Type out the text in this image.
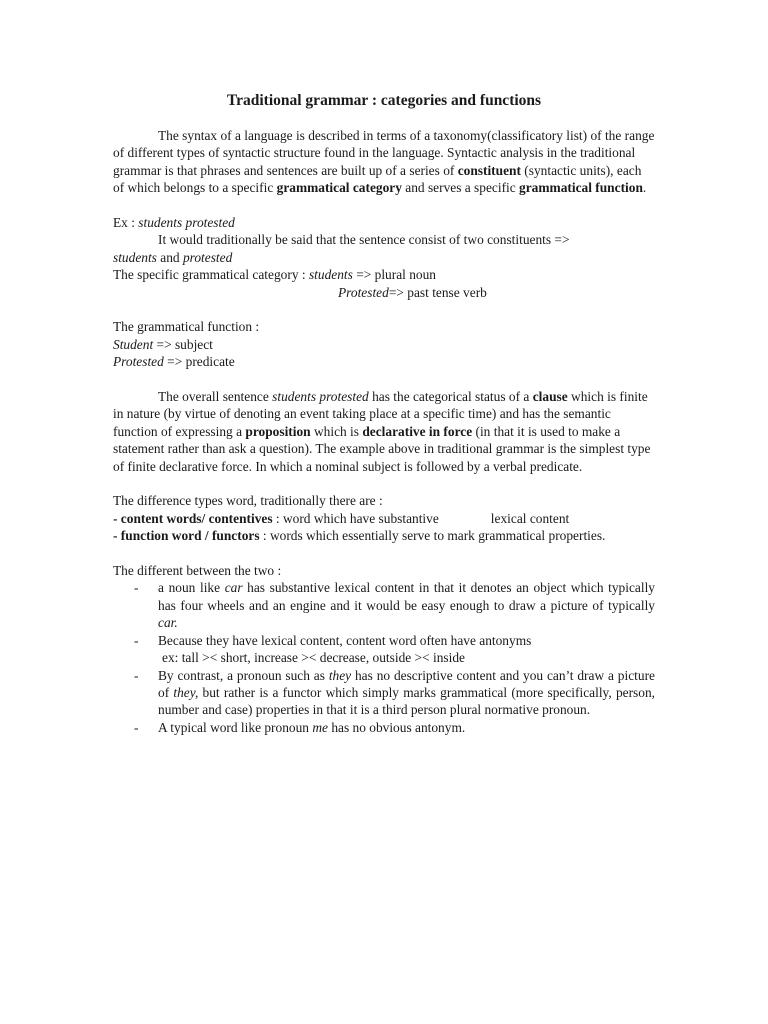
Traditional grammar : categories and functions

The syntax of a language is described in terms of a taxonomy(classificatory list) of the range of different types of syntactic structure found in the language. Syntactic analysis in the traditional grammar is that phrases and sentences are built up of a series of constituent (syntactic units), each of which belongs to a specific grammatical category and serves a specific grammatical function.

Ex : students protested

It would traditionally be said that the sentence consist of two constituents =>

students and protested

The specific grammatical category : students => plural noun

Protested=> past tense verb

The grammatical function :

Student => subject

Protested => predicate

The overall sentence students protested has the categorical status of a clause which is finite in nature (by virtue of denoting an event taking place at a specific time) and has the semantic function of expressing a proposition which is declarative in force (in that it is used to make a statement rather than ask a question). The example above in traditional grammar is the simplest type of finite declarative force. In which a nominal subject is followed by a verbal predicate.

The difference types word, traditionally there are :

- content words/ contentives : word which have substantive	lexical content

- function word / functors : words which essentially serve to mark grammatical properties.

The different between the two :

- a noun like car has substantive lexical content in that it denotes an object which typically has four wheels and an engine and it would be easy enough to draw a picture of typically car.
- Because they have lexical content, content word often have antonyms
ex: tall >< short, increase >< decrease, outside >< inside
- By contrast, a pronoun such as they has no descriptive content and you can’t draw a picture of they, but rather is a functor which simply marks grammatical (more specifically, person, number and case) properties in that it is a third person plural normative pronoun.
- A typical word like pronoun me has no obvious antonym.
